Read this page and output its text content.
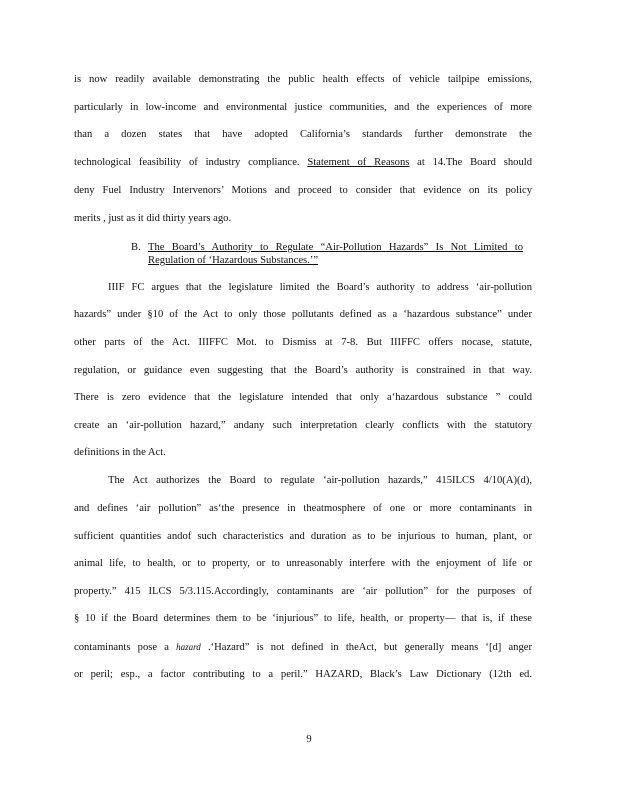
is now readily available demonstrating the public health effects of vehicle tailpipe emissions,
particularly in low-income and environmental justice communities, and the experiences of more
than a dozen states that have adopted California’s standards further demonstrate the
technological feasibility of industry compliance. Statement of Reasons at 14.The Board should
deny Fuel Industry Intervenors’ Motions and proceed to consider that evidence on its policy
merits , just as it did thirty years ago.
B. The Board’s Authority to Regulate “Air-Pollution Hazards” Is Not Limited to
Regulation of ‘Hazardous Substances.’”
IIIF FC argues that the legislature limited the Board’s authority to address ‘air-pollution
hazards” under §10 of the Act to only those pollutants defined as a ‘hazardous substance” under
other parts of the Act. IIIFFC Mot. to Dismiss at 7-8. But IIIFFC offers nocase, statute,
regulation, or guidance even suggesting that the Board’s authority is constrained in that way.
There is zero evidence that the legislature intended that only a‘hazardous substance ” could
create an ‘air-pollution hazard,” andany such interpretation clearly conflicts with the statutory
definitions in the Act.
The Act authorizes the Board to regulate ‘air-pollution hazards,” 415ILCS 4/10(A)(d),
and defines ‘air pollution” as‘the presence in theatmosphere of one or more contaminants in
sufficient quantities andof such characteristics and duration as to be injurious to human, plant, or
animal life, to health, or to property, or to unreasonably interfere with the enjoyment of life or
property.” 415 ILCS 5/3.115.Accordingly, contaminants are ‘air pollution” for the purposes of
§ 10 if the Board determines them to be ‘injurious” to life, health, or property— that is, if these
contaminants pose a hazard .‘Hazard” is not defined in theAct, but generally means ‘[d] anger
or peril; esp., a factor contributing to a peril.” HAZARD, Black’s Law Dictionary (12th ed.
9
